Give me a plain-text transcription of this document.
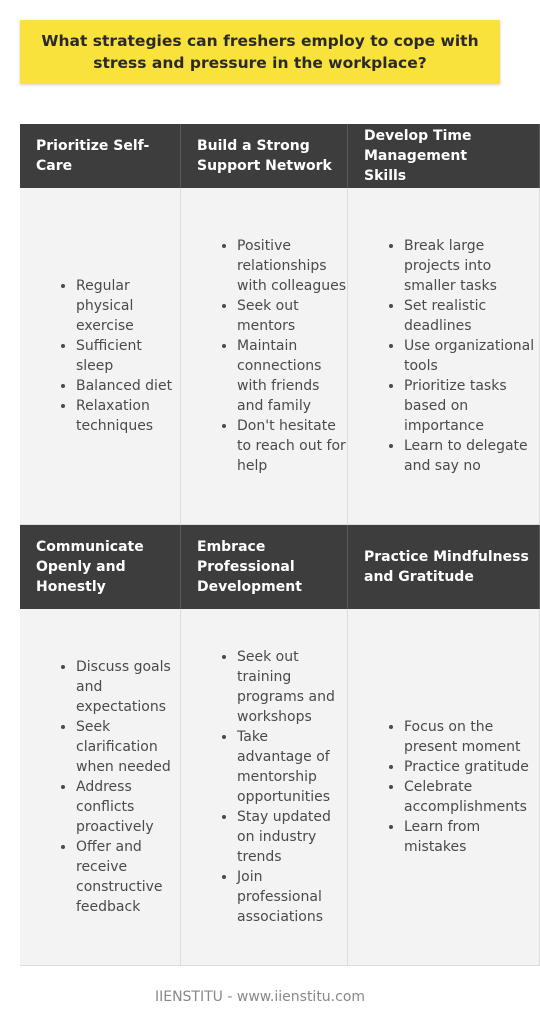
What strategies can freshers employ to cope with stress and pressure in the workplace?
Prioritize Self-Care
Build a Strong Support Network
Develop Time Management Skills
• Regular physical exercise
• Sufficient sleep
• Balanced diet
• Relaxation techniques
• Positive relationships with colleagues
• Seek out mentors
• Maintain connections with friends and family
• Don't hesitate to reach out for help
• Break large projects into smaller tasks
• Set realistic deadlines
• Use organizational tools
• Prioritize tasks based on importance
• Learn to delegate and say no
Communicate Openly and Honestly
Embrace Professional Development
Practice Mindfulness and Gratitude
• Discuss goals and expectations
• Seek clarification when needed
• Address conflicts proactively
• Offer and receive constructive feedback
• Seek out training programs and workshops
• Take advantage of mentorship opportunities
• Stay updated on industry trends
• Join professional associations
• Focus on the present moment
• Practice gratitude
• Celebrate accomplishments
• Learn from mistakes
IIENSTITU - www.iienstitu.com
